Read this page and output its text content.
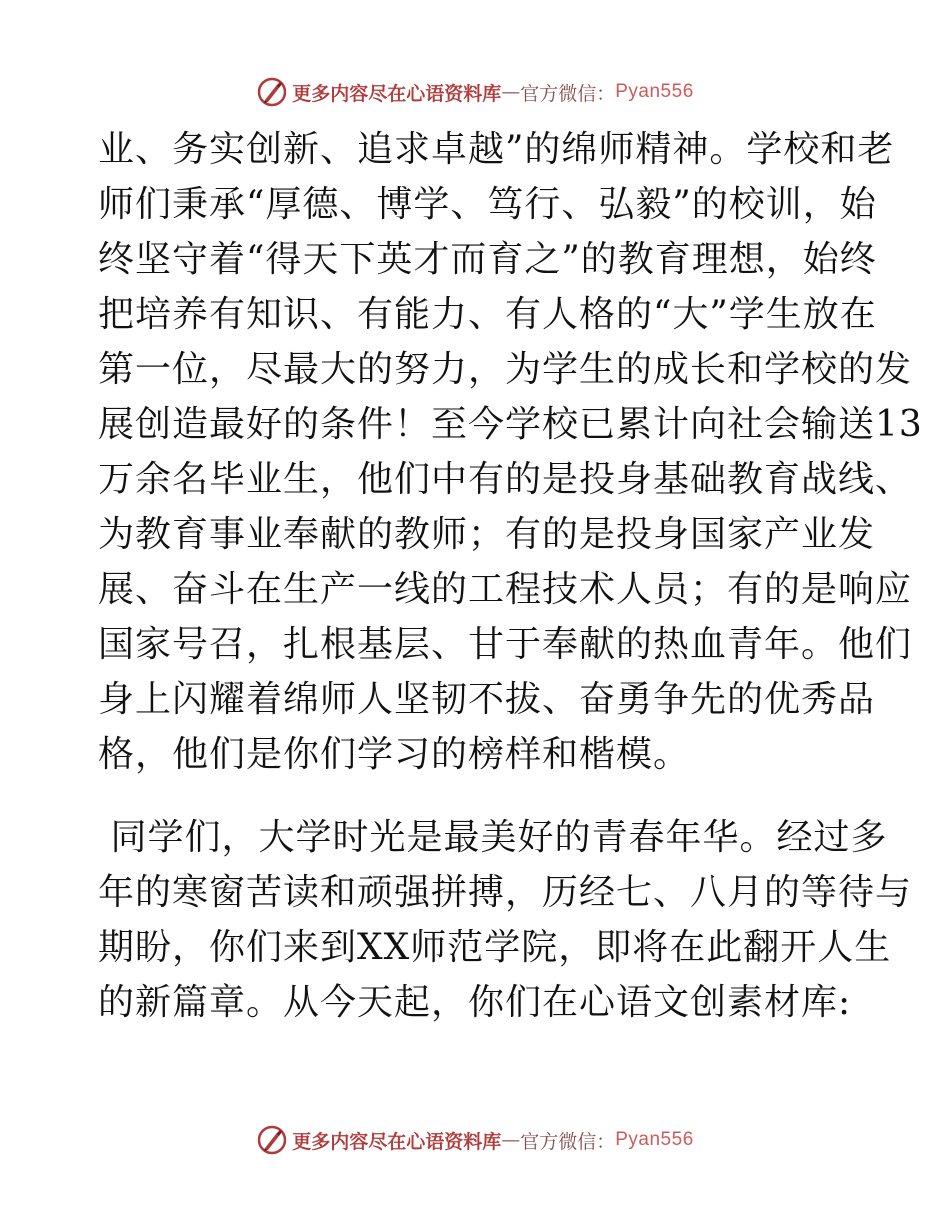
更多内容尽在心语资料库 — 官方微信： Pyan556
业、务实创新、追求卓越”的绵师精神。学校和老
师们秉承“厚德、博学、笃行、弘毅”的校训，始
终坚守着“得天下英才而育之”的教育理想，始终
把培养有知识、有能力、有人格的“大”学生放在
第一位，尽最大的努力，为学生的成长和学校的发
展创造最好的条件！至今学校已累计向社会输送13
万余名毕业生，他们中有的是投身基础教育战线、
为教育事业奉献的教师；有的是投身国家产业发
展、奋斗在生产一线的工程技术人员；有的是响应
国家号召，扎根基层、甘于奉献的热血青年。他们
身上闪耀着绵师人坚韧不拔、奋勇争先的优秀品
格，他们是你们学习的榜样和楷模。
同学们，大学时光是最美好的青春年华。经过多
年的寒窗苦读和顽强拼搏，历经七、八月的等待与
期盼，你们来到XX师范学院，即将在此翻开人生
的新篇章。从今天起，你们在心语文创素材库:
更多内容尽在心语资料库 — 官方微信： Pyan556
